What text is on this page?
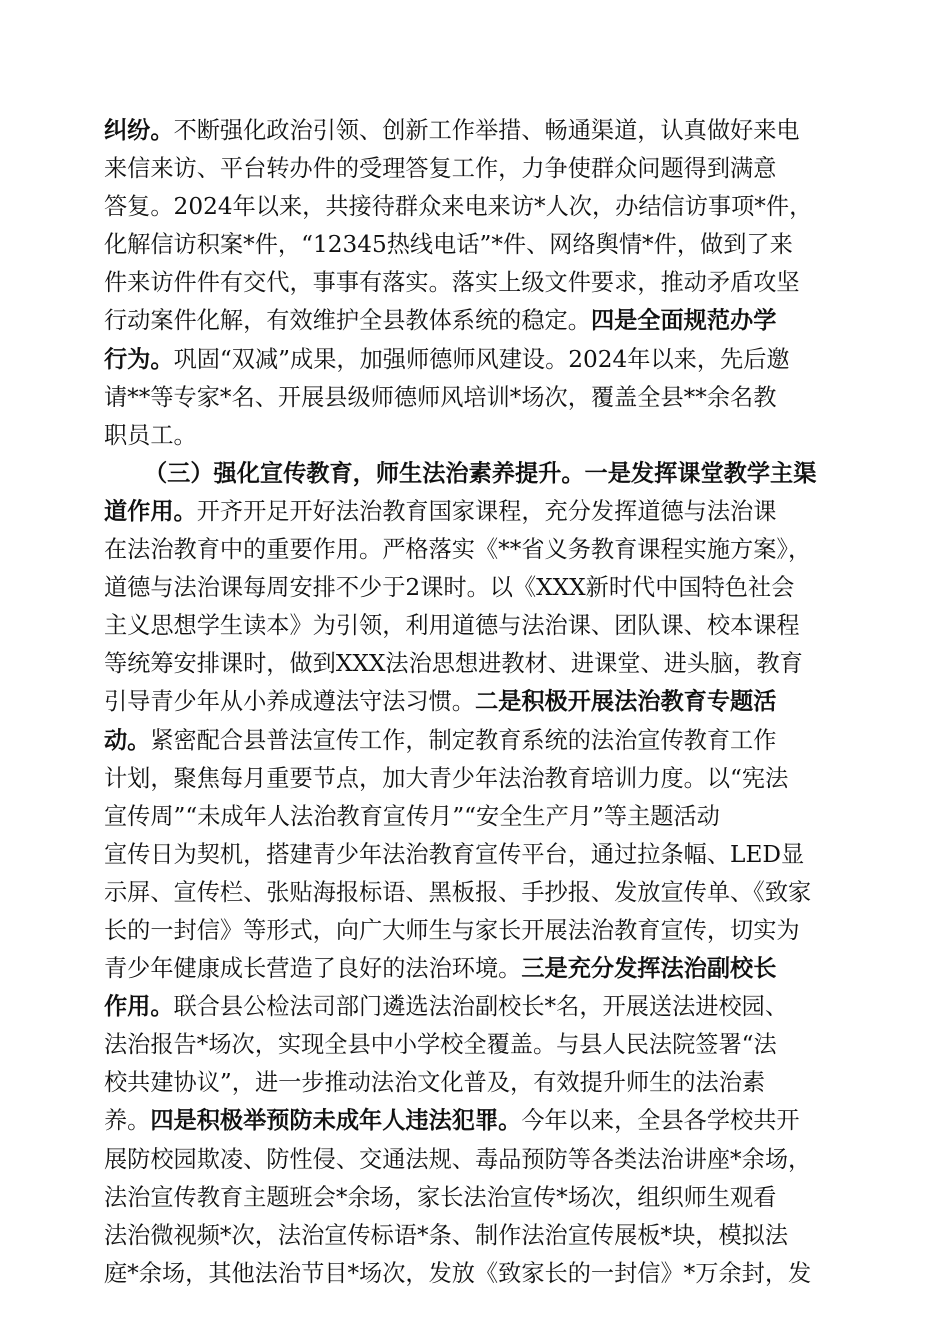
纠纷。不断强化政治引领、创新工作举措、畅通渠道，认真做好来电
来信来访、平台转办件的受理答复工作，力争使群众问题得到满意
答复。2024年以来，共接待群众来电来访*人次，办结信访事项*件，
化解信访积案*件，“12345热线电话”*件、网络舆情*件，做到了来
件来访件件有交代，事事有落实。落实上级文件要求，推动矛盾攻坚
行动案件化解，有效维护全县教体系统的稳定。四是全面规范办学
行为。巩固“双减”成果，加强师德师风建设。2024年以来，先后邀
请**等专家*名、开展县级师德师风培训*场次，覆盖全县**余名教
职员工。
（三）强化宣传教育，师生法治素养提升。一是发挥课堂教学主渠
道作用。开齐开足开好法治教育国家课程，充分发挥道德与法治课
在法治教育中的重要作用。严格落实《**省义务教育课程实施方案》，
道德与法治课每周安排不少于2课时。以《XXX新时代中国特色社会
主义思想学生读本》为引领，利用道德与法治课、团队课、校本课程
等统筹安排课时，做到XXX法治思想进教材、进课堂、进头脑，教育
引导青少年从小养成遵法守法习惯。二是积极开展法治教育专题活
动。紧密配合县普法宣传工作，制定教育系统的法治宣传教育工作
计划，聚焦每月重要节点，加大青少年法治教育培训力度。以“宪法
宣传周”“未成年人法治教育宣传月”“安全生产月”等主题活动
宣传日为契机，搭建青少年法治教育宣传平台，通过拉条幅、LED显
示屏、宣传栏、张贴海报标语、黑板报、手抄报、发放宣传单、《致家
长的一封信》等形式，向广大师生与家长开展法治教育宣传，切实为
青少年健康成长营造了良好的法治环境。三是充分发挥法治副校长
作用。联合县公检法司部门遴选法治副校长*名，开展送法进校园、
法治报告*场次，实现全县中小学校全覆盖。与县人民法院签署“法
校共建协议”，进一步推动法治文化普及，有效提升师生的法治素
养。四是积极举预防未成年人违法犯罪。今年以来，全县各学校共开
展防校园欺凌、防性侵、交通法规、毒品预防等各类法治讲座*余场，
法治宣传教育主题班会*余场，家长法治宣传*场次，组织师生观看
法治微视频*次，法治宣传标语*条、制作法治宣传展板*块，模拟法
庭*余场，其他法治节目*场次，发放《致家长的一封信》*万余封，发
